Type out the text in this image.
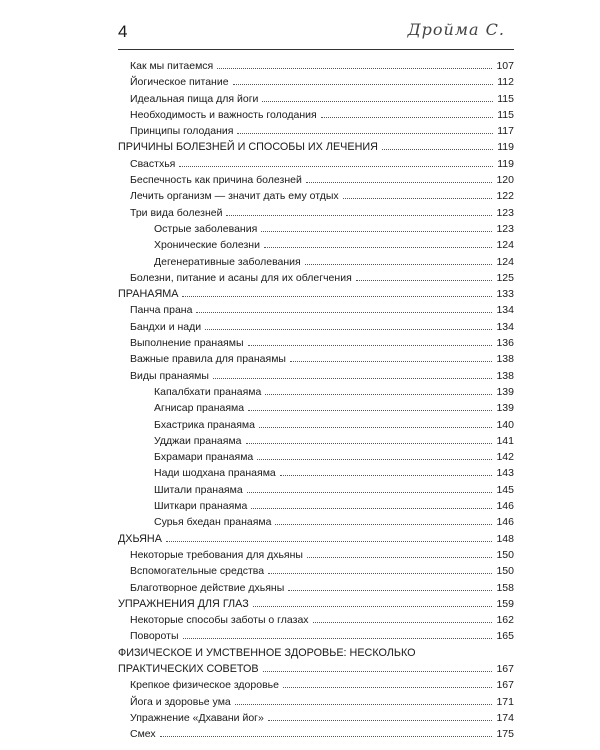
4	Дройма С.
Как мы питаемся	107
Йогическое питание	112
Идеальная пища для йоги	115
Необходимость и важность голодания	115
Принципы голодания	117
ПРИЧИНЫ БОЛЕЗНЕЙ И СПОСОБЫ ИХ ЛЕЧЕНИЯ	119
Свастхья	119
Беспечность как причина болезней	120
Лечить организм — значит дать ему отдых	122
Три вида болезней	123
Острые заболевания	123
Хронические болезни	124
Дегенеративные заболевания	124
Болезни, питание и асаны для их облегчения	125
ПРАНАЯМА	133
Панча прана	134
Бандхи и нади	134
Выполнение пранаямы	136
Важные правила для пранаямы	138
Виды пранаямы	138
Капалбхати пранаяма	139
Агнисар пранаяма	139
Бхастрика пранаяма	140
Удджаи пранаяма	141
Бхрамари пранаяма	142
Нади шодхана пранаяма	143
Шитали пранаяма	145
Шиткари пранаяма	146
Сурья бхедан пранаяма	146
ДХЬЯНА	148
Некоторые требования для дхьяны	150
Вспомогательные средства	150
Благотворное действие дхьяны	158
УПРАЖНЕНИЯ ДЛЯ ГЛАЗ	159
Некоторые способы заботы о глазах	162
Повороты	165
ФИЗИЧЕСКОЕ И УМСТВЕННОЕ ЗДОРОВЬЕ: НЕСКОЛЬКО
ПРАКТИЧЕСКИХ СОВЕТОВ	167
Крепкое физическое здоровье	167
Йога и здоровье ума	171
Упражнение «Дхавани йог»	174
Смех	175
